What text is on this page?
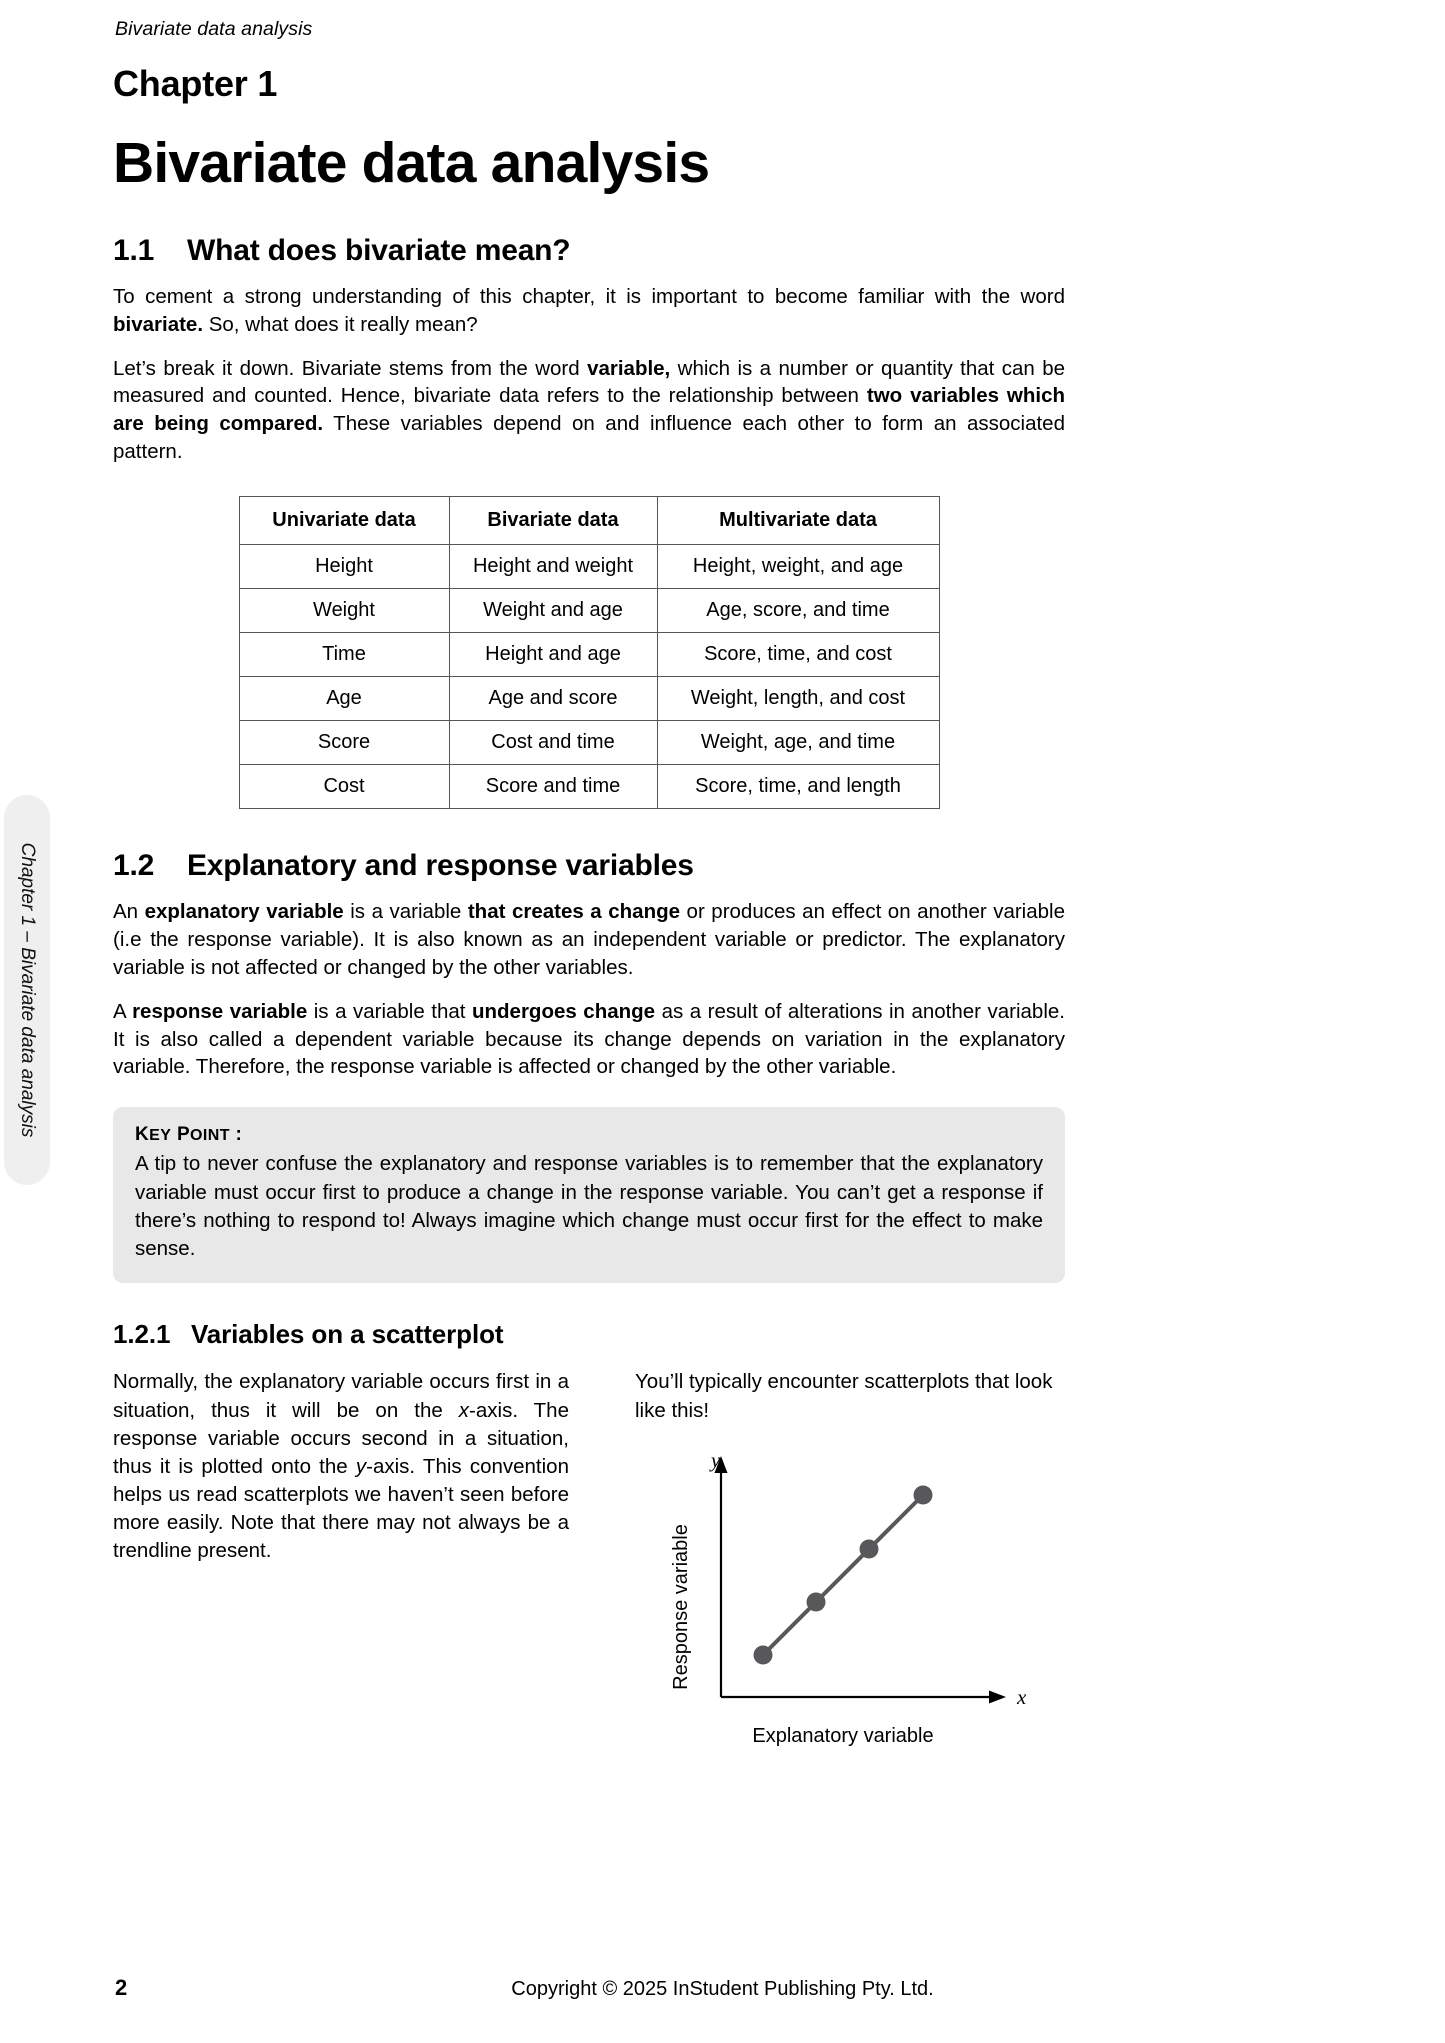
Bivariate data analysis
Chapter 1 – Bivariate data analysis
Chapter 1
Bivariate data analysis
1.1 What does bivariate mean?

To cement a strong understanding of this chapter, it is important to become familiar with the word bivariate. So, what does it really mean?

Let’s break it down. Bivariate stems from the word variable, which is a number or quantity that can be measured and counted. Hence, bivariate data refers to the relationship between two variables which are being compared. These variables depend on and influence each other to form an associated pattern.

Univariate data	Bivariate data	Multivariate data
Height	Height and weight	Height, weight, and age
Weight	Weight and age	Age, score, and time
Time	Height and age	Score, time, and cost
Age	Age and score	Weight, length, and cost
Score	Cost and time	Weight, age, and time
Cost	Score and time	Score, time, and length
1.2 Explanatory and response variables

An explanatory variable is a variable that creates a change or produces an effect on another variable (i.e the response variable). It is also known as an independent variable or predictor. The explanatory variable is not affected or changed by the other variables.

A response variable is a variable that undergoes change as a result of alterations in another variable. It is also called a dependent variable because its change depends on variation in the explanatory variable. Therefore, the response variable is affected or changed by the other variable.

KEY POINT :
A tip to never confuse the explanatory and response variables is to remember that the explanatory variable must occur first to produce a change in the response variable. You can’t get a response if there’s nothing to respond to! Always imagine which change must occur first for the effect to make sense.
1.2.1 Variables on a scatterplot

Normally, the explanatory variable occurs first in a situation, thus it will be on the x-axis. The response variable occurs second in a situation, thus it is plotted onto the y-axis. This convention helps us read scatterplots we haven’t seen before more easily. Note that there may not always be a trendline present.

You’ll typically encounter scatterplots that look like this!

y
Response variable
x
Explanatory variable
2	Copyright © 2025 InStudent Publishing Pty. Ltd.
